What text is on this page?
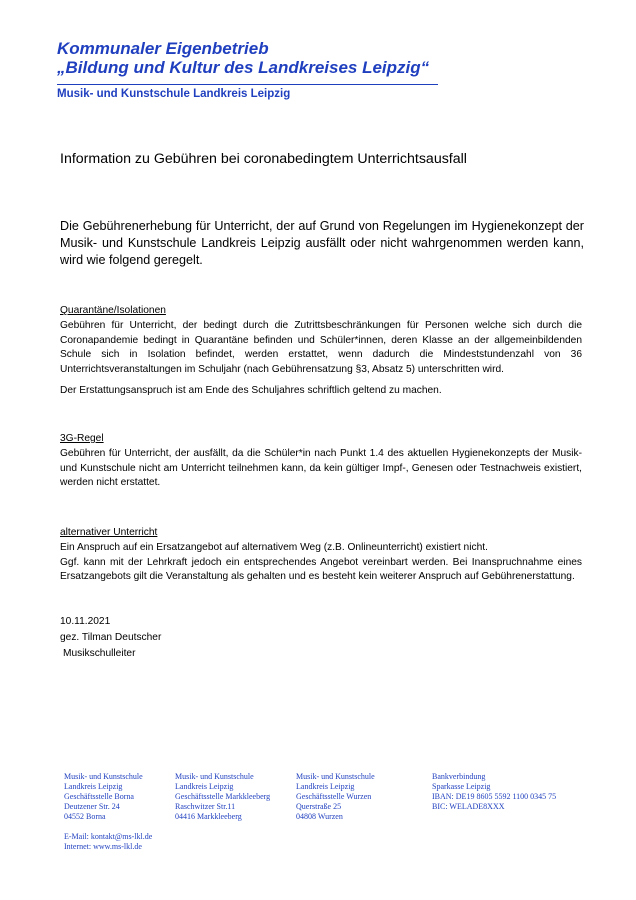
Kommunaler Eigenbetrieb
„Bildung und Kultur des Landkreises Leipzig“
Musik- und Kunstschule Landkreis Leipzig
Information zu Gebühren bei coronabedingtem Unterrichtsausfall
Die Gebührenerhebung für Unterricht, der auf Grund von Regelungen im Hygienekonzept der Musik- und Kunstschule Landkreis Leipzig ausfällt oder nicht wahrgenommen werden kann, wird wie folgend geregelt.
Quarantäne/Isolationen
Gebühren für Unterricht, der bedingt durch die Zutrittsbeschränkungen für Personen welche sich durch die Coronapandemie bedingt in Quarantäne befinden und Schüler*innen, deren Klasse an der allgemeinbildenden Schule sich in Isolation befindet, werden erstattet, wenn dadurch die Mindeststundenzahl von 36 Unterrichtsveranstaltungen im Schuljahr (nach Gebührensatzung §3, Absatz 5) unterschritten wird.
Der Erstattungsanspruch ist am Ende des Schuljahres schriftlich geltend zu machen.
3G-Regel
Gebühren für Unterricht, der ausfällt, da die Schüler*in nach Punkt 1.4 des aktuellen Hygienekonzepts der Musik- und Kunstschule nicht am Unterricht teilnehmen kann, da kein gültiger Impf-, Genesen oder Testnachweis existiert, werden nicht erstattet.
alternativer Unterricht
Ein Anspruch auf ein Ersatzangebot auf alternativem Weg (z.B. Onlineunterricht) existiert nicht.
Ggf. kann mit der Lehrkraft jedoch ein entsprechendes Angebot vereinbart werden. Bei Inanspruchnahme eines Ersatzangebots gilt die Veranstaltung als gehalten und es besteht kein weiterer Anspruch auf Gebührenerstattung.
10.11.2021
gez. Tilman Deutscher
Musikschulleiter
Musik- und Kunstschule
Landkreis Leipzig
Geschäftsstelle Borna
Deutzener Str. 24
04552 Borna
Musik- und Kunstschule
Landkreis Leipzig
Geschäftsstelle Markkleeberg
Raschwitzer Str.11
04416 Markkleeberg
Musik- und Kunstschule
Landkreis Leipzig
Geschäftsstelle Wurzen
Querstraße 25
04808 Wurzen
Bankverbindung
Sparkasse Leipzig
IBAN: DE19 8605 5592 1100 0345 75
BIC: WELADE8XXX
E-Mail: kontakt@ms-lkl.de
Internet: www.ms-lkl.de
